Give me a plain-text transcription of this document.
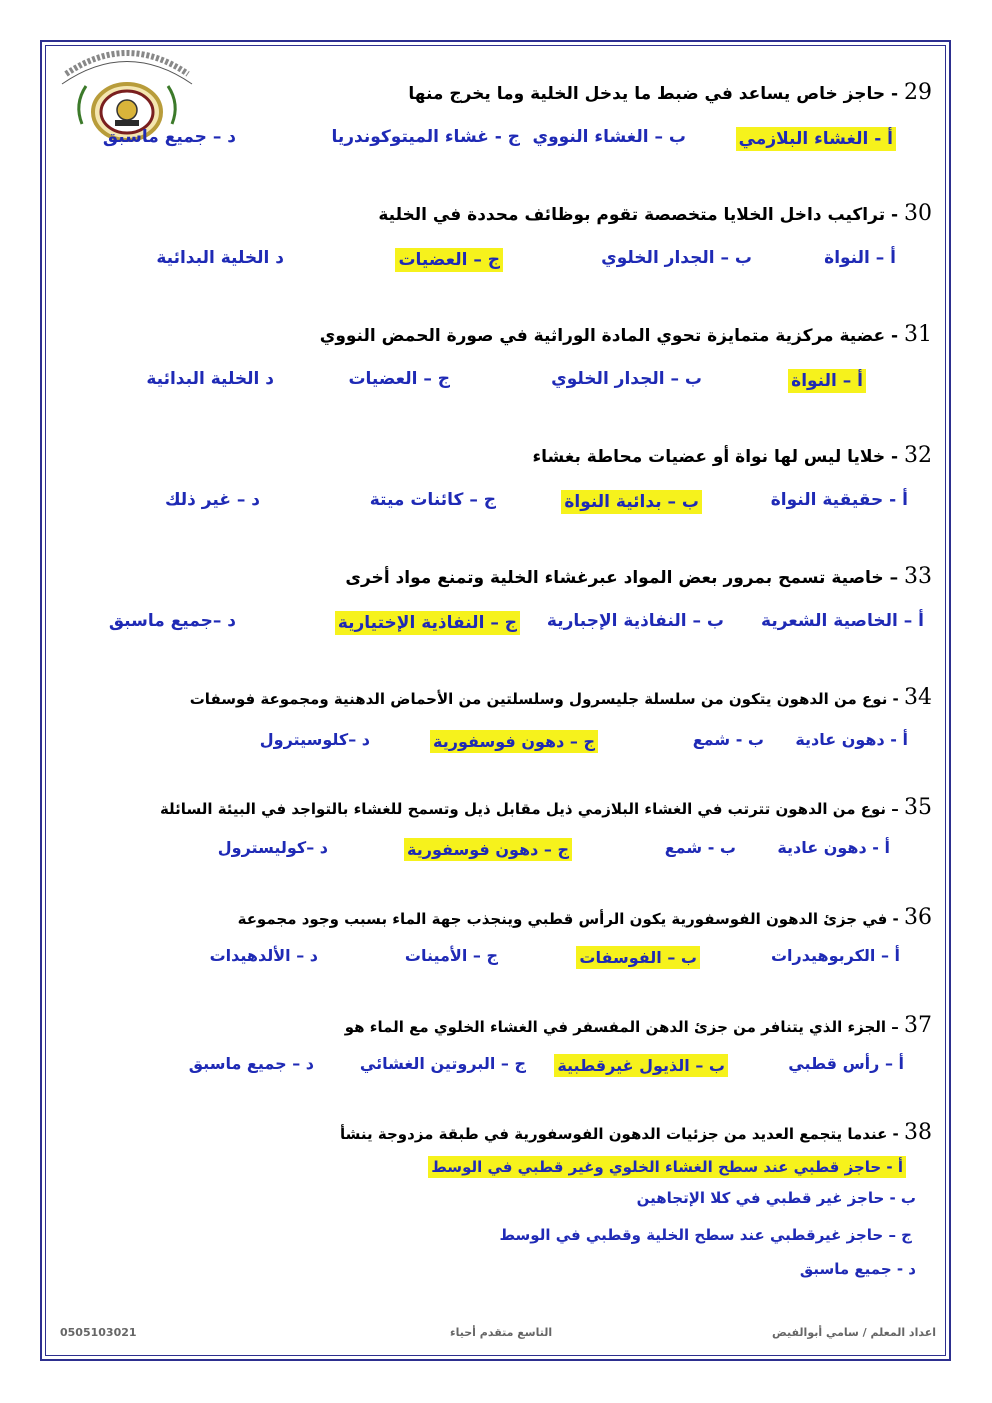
29 - حاجز خاص يساعد في ضبط ما يدخل الخلية وما يخرج منها
أ - الغشاء البلازمي
ب – الغشاء النووي
ج - غشاء الميتوكوندريا
د – جميع ماسبق
30 - تراكيب داخل الخلايا متخصصة تقوم بوظائف محددة في الخلية
أ – النواة
ب – الجدار الخلوي
ج – العضيات
د الخلية البدائية
31 - عضية مركزية متمايزة تحوي المادة الوراثية في صورة الحمض النووي
أ – النواة
ب – الجدار الخلوي
ج – العضيات
د الخلية البدائية
32 - خلايا ليس لها نواة أو عضيات محاطة بغشاء
أ - حقيقية النواة
ب – بدائية النواة
ج – كائنات ميتة
د – غير ذلك
33 – خاصية تسمح بمرور بعض المواد عبرغشاء الخلية وتمنع مواد أخرى
أ – الخاصية الشعرية
ب – النفاذية الإجبارية
ج – النفاذية الإختيارية
د –جميع ماسبق
34 - نوع من الدهون يتكون من سلسلة جليسرول وسلسلتين من الأحماض الدهنية ومجموعة فوسفات
أ - دهون عادية
ب - شمع
ج – دهون فوسفورية
د –كلوسيترول
35 – نوع من الدهون تترتب في الغشاء البلازمي ذيل مقابل ذيل وتسمح للغشاء بالتواجد في البيئة السائلة
أ - دهون عادية
ب - شمع
ج – دهون فوسفورية
د –كوليسترول
36 - في جزئ الدهون الفوسفورية يكون الرأس قطبي وينجذب جهة الماء بسبب وجود مجموعة
أ – الكربوهيدرات
ب – الفوسفات
ج – الأمينات
د – الألدهيدات
37 – الجزء الذي يتنافر من جزئ الدهن المفسفر في الغشاء الخلوي مع الماء هو
أ – رأس قطبي
ب – الذيول غيرقطبية
ج – البروتين الغشائي
د – جميع ماسبق
38 - عندما يتجمع العديد من جزئيات الدهون الفوسفورية في طبقة مزدوجة ينشأ
أ - حاجز قطبي عند سطح الغشاء الخلوي وغير قطبي في الوسط
ب - حاجز غير قطبي في كلا الإتجاهين
ج – حاجز غيرقطبي عند سطح الخلية وقطبي في الوسط
د - جميع ماسبق
0505103021	التاسع متقدم أحياء	اعداد المعلم / سامي أبوالفيض
